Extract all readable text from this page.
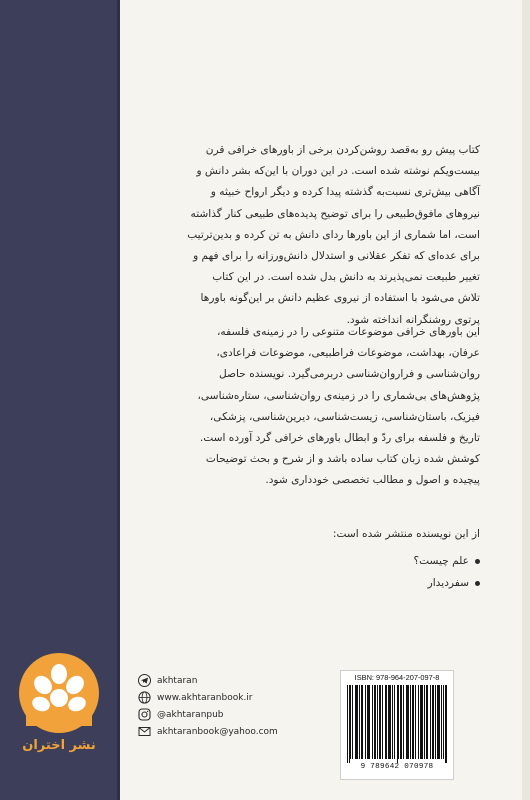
کتاب پیش رو به‌قصد روشن‌کردن برخی از باورهای خرافی قرن
بیست‌ویکم نوشته شده است. در این دوران با این‌که بشر دانش و
آگاهی بیش‌تری نسبت‌به گذشته پیدا کرده و دیگر ارواح خبیثه و
نیروهای مافوق‌طبیعی را برای توضیح پدیده‌های طبیعی کنار گذاشته
است، اما شماری از این باورها ردای دانش به تن کرده و بدین‌ترتیب
برای عده‌ای که تفکر عقلانی و استدلال دانش‌ورزانه را برای فهم و
تغییر طبیعت نمی‌پذیرند به دانش بدل شده است. در این کتاب
تلاش می‌شود با استفاده از نیروی عظیم دانش بر این‌گونه باورها
پرتوی روشنگرانه انداخته شود.
این باورهای خرافی موضوعات متنوعی را در زمینه‌ی فلسفه،
عرفان، بهداشت، موضوعات فراطبیعی، موضوعات فراعادی،
روان‌شناسی و فراروان‌شناسی دربرمی‌گیرد. نویسنده حاصل
پژوهش‌های بی‌شماری را در زمینه‌ی روان‌شناسی، ستاره‌شناسی،
فیزیک، باستان‌شناسی، زیست‌شناسی، دیرین‌شناسی، پزشکی،
تاریخ و فلسفه برای ردّ و ابطال باورهای خرافی گرد آورده است.
کوشش شده زبان کتاب ساده باشد و از شرح و بحث توضیحات
پیچیده و اصول و مطالب تخصصی خودداری شود.
از این نویسنده منتشر شده است:
علم چیست؟
سفردیدار
نشر اختران
akhtaran
www.akhtaranbook.ir
@akhtaranpub
akhtaranbook@yahoo.com
ISBN: 978-964-207-097-8
9 789642 070978
